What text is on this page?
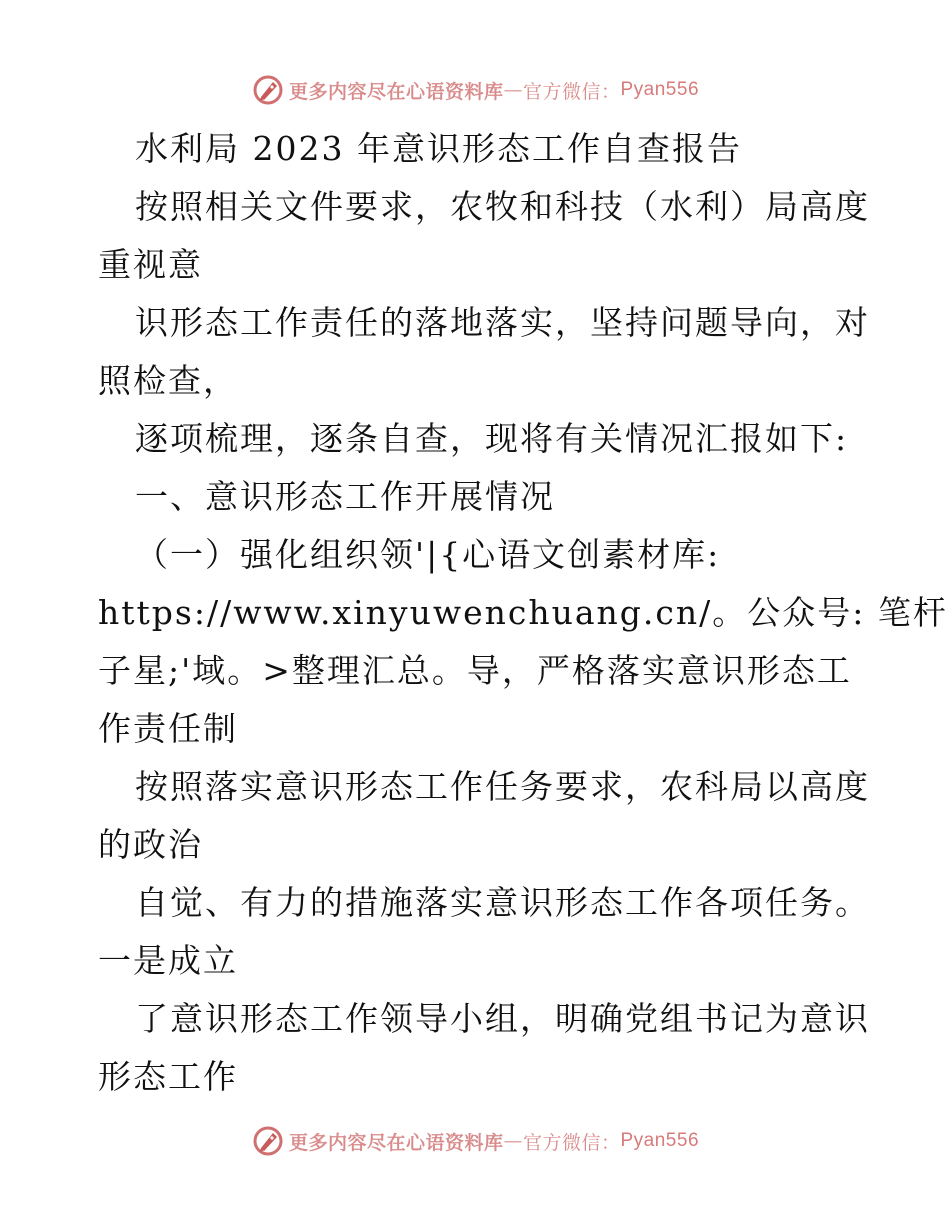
更多内容尽在心语资料库 — 官方微信： Pyan556
水利局 2023 年意识形态工作自查报告
按照相关文件要求，农牧和科技（水利）局高度
重视意
识形态工作责任的落地落实，坚持问题导向，对
照检查，
逐项梳理，逐条自查，现将有关情况汇报如下:
一、意识形态工作开展情况
（一）强化组织领'|{心语文创素材库:
https://www.xinyuwenchuang.cn/。公众号: 笔杆
子星;'域。>整理汇总。导，严格落实意识形态工
作责任制
按照落实意识形态工作任务要求，农科局以高度
的政治
自觉、有力的措施落实意识形态工作各项任务。
一是成立
了意识形态工作领导小组，明确党组书记为意识
形态工作
更多内容尽在心语资料库 — 官方微信： Pyan556
